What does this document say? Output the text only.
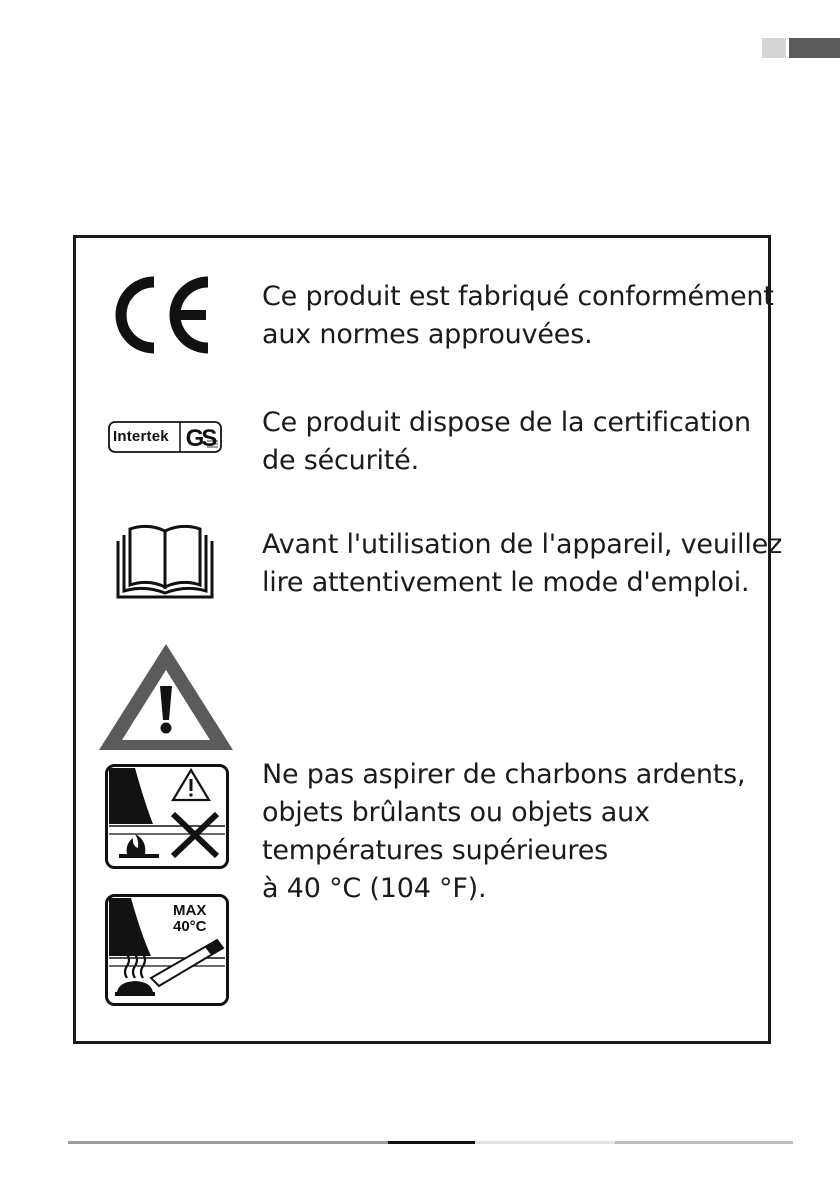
Ce produit est fabriqué conformément
aux normes approuvées.
GS
Intertek	Ce produit dispose de la certification
de sécurité.
Avant l'utilisation de l'appareil, veuillez
lire attentivement le mode d'emploi.
Ne pas aspirer de charbons ardents,
objets brûlants ou objets aux
températures supérieures
à 40 °C (104 °F).
MAX
40°C
